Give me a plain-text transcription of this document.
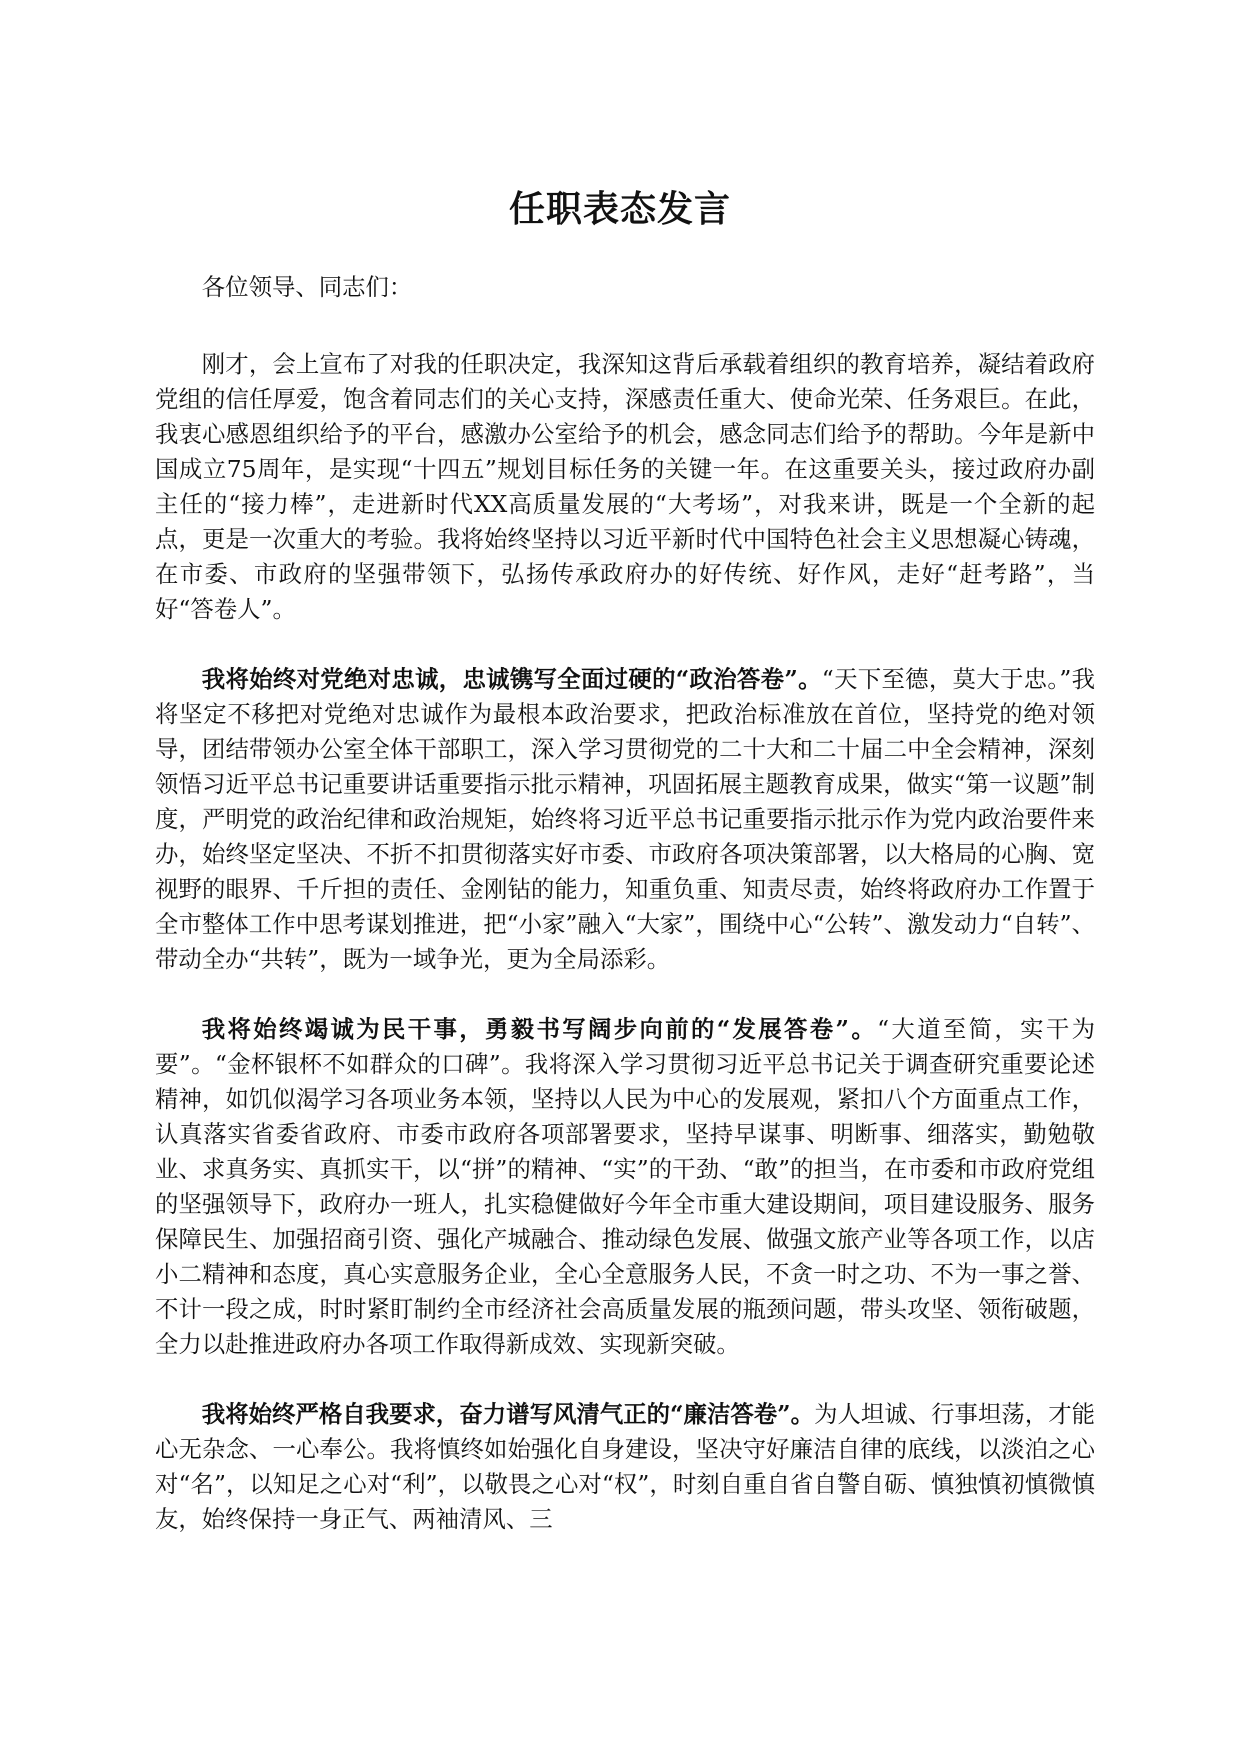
任职表态发言

各位领导、同志们：

刚才，会上宣布了对我的任职决定，我深知这背后承载着组织的教育培养，凝结着政府党组的信任厚爱，饱含着同志们的关心支持，深感责任重大、使命光荣、任务艰巨。在此，我衷心感恩组织给予的平台，感激办公室给予的机会，感念同志们给予的帮助。今年是新中国成立75周年，是实现“十四五”规划目标任务的关键一年。在这重要关头，接过政府办副主任的“接力棒”，走进新时代XX高质量发展的“大考场”，对我来讲，既是一个全新的起点，更是一次重大的考验。我将始终坚持以习近平新时代中国特色社会主义思想凝心铸魂，在市委、市政府的坚强带领下，弘扬传承政府办的好传统、好作风，走好“赶考路”，当好“答卷人”。

我将始终对党绝对忠诚，忠诚镌写全面过硬的“政治答卷”。“天下至德，莫大于忠。”我将坚定不移把对党绝对忠诚作为最根本政治要求，把政治标准放在首位，坚持党的绝对领导，团结带领办公室全体干部职工，深入学习贯彻党的二十大和二十届二中全会精神，深刻领悟习近平总书记重要讲话重要指示批示精神，巩固拓展主题教育成果，做实“第一议题”制度，严明党的政治纪律和政治规矩，始终将习近平总书记重要指示批示作为党内政治要件来办，始终坚定坚决、不折不扣贯彻落实好市委、市政府各项决策部署，以大格局的心胸、宽视野的眼界、千斤担的责任、金刚钻的能力，知重负重、知责尽责，始终将政府办工作置于全市整体工作中思考谋划推进，把“小家”融入“大家”，围绕中心“公转”、激发动力“自转”、带动全办“共转”，既为一域争光，更为全局添彩。

我将始终竭诚为民干事，勇毅书写阔步向前的“发展答卷”。“大道至简，实干为要”。“金杯银杯不如群众的口碑”。我将深入学习贯彻习近平总书记关于调查研究重要论述精神，如饥似渴学习各项业务本领，坚持以人民为中心的发展观，紧扣八个方面重点工作，认真落实省委省政府、市委市政府各项部署要求，坚持早谋事、明断事、细落实，勤勉敬业、求真务实、真抓实干，以“拼”的精神、“实”的干劲、“敢”的担当，在市委和市政府党组的坚强领导下，政府办一班人，扎实稳健做好今年全市重大建设期间，项目建设服务、服务保障民生、加强招商引资、强化产城融合、推动绿色发展、做强文旅产业等各项工作，以店小二精神和态度，真心实意服务企业，全心全意服务人民，不贪一时之功、不为一事之誉、不计一段之成，时时紧盯制约全市经济社会高质量发展的瓶颈问题，带头攻坚、领衔破题，全力以赴推进政府办各项工作取得新成效、实现新突破。

我将始终严格自我要求，奋力谱写风清气正的“廉洁答卷”。为人坦诚、行事坦荡，才能心无杂念、一心奉公。我将慎终如始强化自身建设，坚决守好廉洁自律的底线，以淡泊之心对“名”，以知足之心对“利”，以敬畏之心对“权”，时刻自重自省自警自砺、慎独慎初慎微慎友，始终保持一身正气、两袖清风、三
